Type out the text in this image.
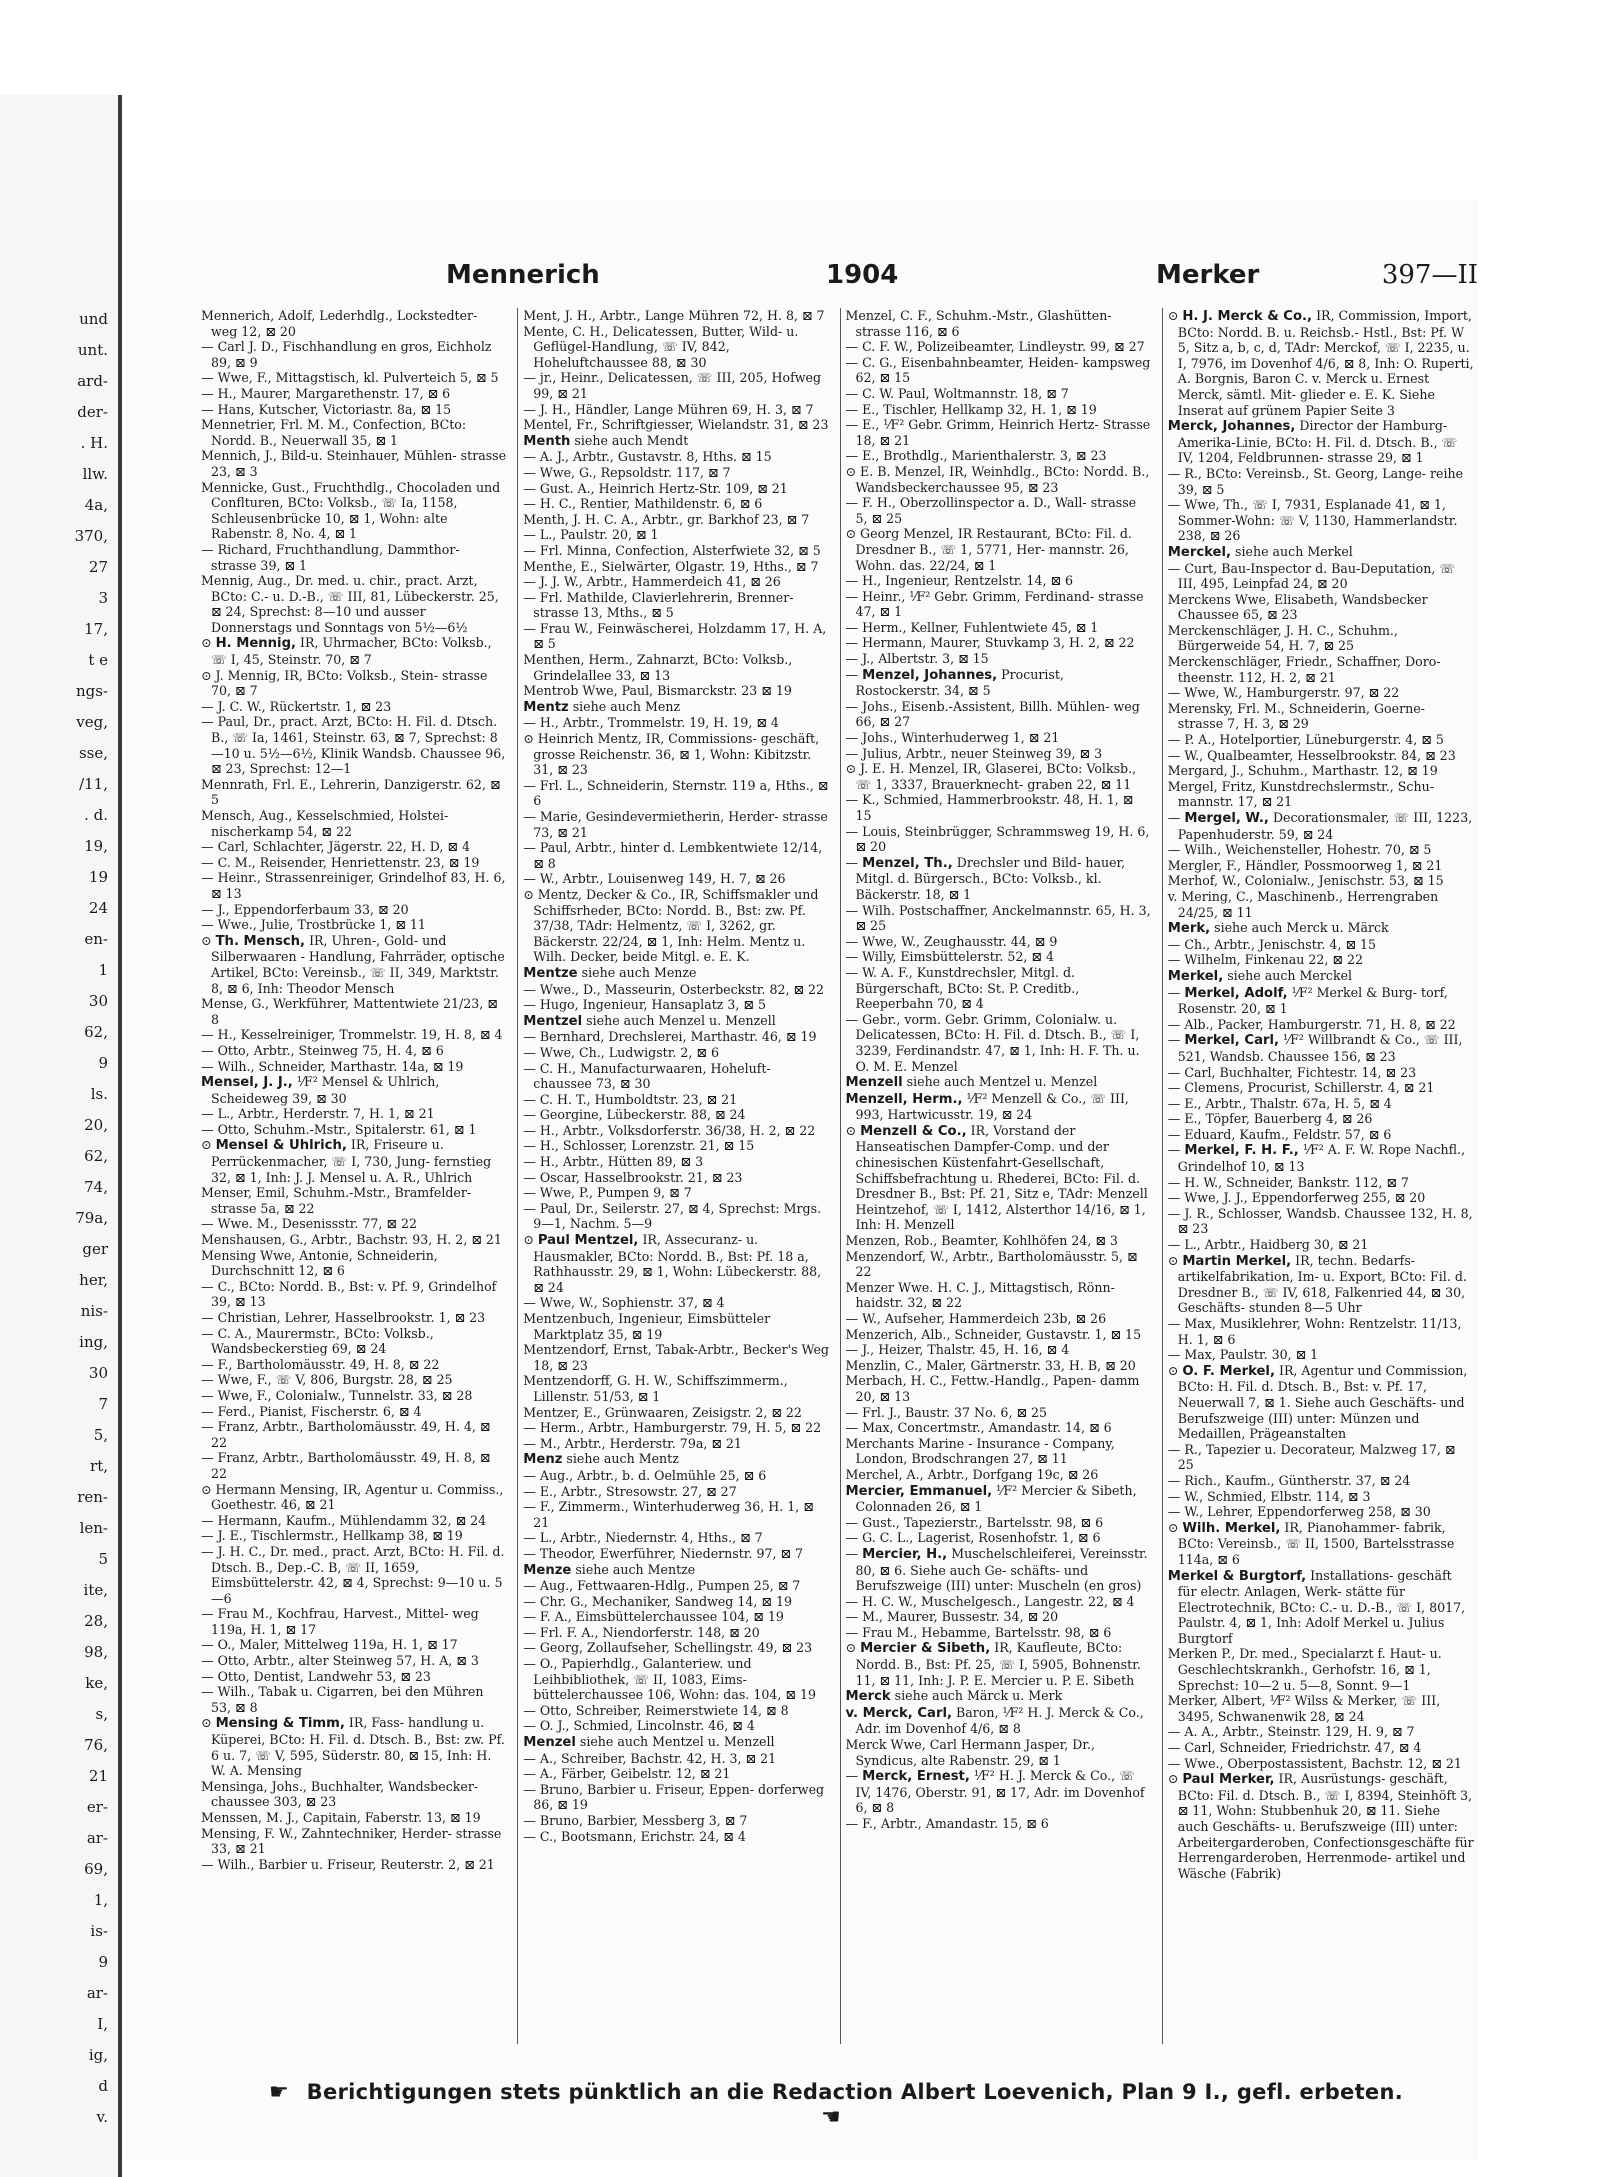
und
unt.
ard-
der-
. H.
llw.
4a,
370,
27
3
17,
t e
ngs-
veg,
sse,
/11,
. d.
19,
19
24
en-
1
30
62,
9
ls.
20,
62,
74,
79a,
ger
her,
nis-
ing,
30
7
5,
rt,
ren-
len-
5
ite,
28,
98,
ke,
s,
76,
21
er-
ar-
69,
1,
is-
9
ar-
I,
ig,
d
v.
Mennerich	1904	Merker	397—II

Mennerich, Adolf, Lederhdlg., Lockstedter- weg 12, ⊠ 20

— Carl J. D., Fischhandlung en gros, Eichholz 89, ⊠ 9

— Wwe, F., Mittagstisch, kl. Pulverteich 5, ⊠ 5

— H., Maurer, Margarethenstr. 17, ⊠ 6

— Hans, Kutscher, Victoriastr. 8a, ⊠ 15

Mennetrier, Frl. M. M., Confection, BCto: Nordd. B., Neuerwall 35, ⊠ 1

Mennich, J., Bild-u. Steinhauer, Mühlen- strasse 23, ⊠ 3

Mennicke, Gust., Fruchthdlg., Chocoladen und Conflturen, BCto: Volksb., ☏ Ia, 1158, Schleusenbrücke 10, ⊠ 1, Wohn: alte Rabenstr. 8, No. 4, ⊠ 1

— Richard, Fruchthandlung, Dammthor- strasse 39, ⊠ 1

Mennig, Aug., Dr. med. u. chir., pract. Arzt, BCto: C.- u. D.-B., ☏ III, 81, Lübeckerstr. 25, ⊠ 24, Sprechst: 8—10 und ausser Donnerstags und Sonntags von 5½—6½

⊙ H. Mennig, IR, Uhrmacher, BCto: Volksb., ☏ I, 45, Steinstr. 70, ⊠ 7

⊙ J. Mennig, IR, BCto: Volksb., Stein- strasse 70, ⊠ 7

— J. C. W., Rückertstr. 1, ⊠ 23

— Paul, Dr., pract. Arzt, BCto: H. Fil. d. Dtsch. B., ☏ Ia, 1461, Steinstr. 63, ⊠ 7, Sprechst: 8—10 u. 5½—6½, Klinik Wandsb. Chaussee 96, ⊠ 23, Sprechst: 12—1

Mennrath, Frl. E., Lehrerin, Danzigerstr. 62, ⊠ 5

Mensch, Aug., Kesselschmied, Holstei- nischerkamp 54, ⊠ 22

— Carl, Schlachter, Jägerstr. 22, H. D, ⊠ 4

— C. M., Reisender, Henriettenstr. 23, ⊠ 19

— Heinr., Strassenreiniger, Grindelhof 83, H. 6, ⊠ 13

— J., Eppendorferbaum 33, ⊠ 20

— Wwe., Julie, Trostbrücke 1, ⊠ 11

⊙ Th. Mensch, IR, Uhren-, Gold- und Silberwaaren - Handlung, Fahrräder, optische Artikel, BCto: Vereinsb., ☏ II, 349, Marktstr. 8, ⊠ 6, Inh: Theodor Mensch

Mense, G., Werkführer, Mattentwiete 21/23, ⊠ 8

— H., Kesselreiniger, Trommelstr. 19, H. 8, ⊠ 4

— Otto, Arbtr., Steinweg 75, H. 4, ⊠ 6

— Wilh., Schneider, Marthastr. 14a, ⊠ 19

Mensel, J. J., ⅟F² Mensel & Uhlrich, Scheideweg 39, ⊠ 30

— L., Arbtr., Herderstr. 7, H. 1, ⊠ 21

— Otto, Schuhm.-Mstr., Spitalerstr. 61, ⊠ 1

⊙ Mensel & Uhlrich, IR, Friseure u. Perrückenmacher, ☏ I, 730, Jung- fernstieg 32, ⊠ 1, Inh: J. J. Mensel u. A. R., Uhlrich

Menser, Emil, Schuhm.-Mstr., Bramfelder- strasse 5a, ⊠ 22

— Wwe. M., Desenissstr. 77, ⊠ 22

Menshausen, G., Arbtr., Bachstr. 93, H. 2, ⊠ 21

Mensing Wwe, Antonie, Schneiderin, Durchschnitt 12, ⊠ 6

— C., BCto: Nordd. B., Bst: v. Pf. 9, Grindelhof 39, ⊠ 13

— Christian, Lehrer, Hasselbrookstr. 1, ⊠ 23

— C. A., Maurermstr., BCto: Volksb., Wandsbeckerstieg 69, ⊠ 24

— F., Bartholomäusstr. 49, H. 8, ⊠ 22

— Wwe, F., ☏ V, 806, Burgstr. 28, ⊠ 25

— Wwe, F., Colonialw., Tunnelstr. 33, ⊠ 28

— Ferd., Pianist, Fischerstr. 6, ⊠ 4

— Franz, Arbtr., Bartholomäusstr. 49, H. 4, ⊠ 22

— Franz, Arbtr., Bartholomäusstr. 49, H. 8, ⊠ 22

⊙ Hermann Mensing, IR, Agentur u. Commiss., Goethestr. 46, ⊠ 21

— Hermann, Kaufm., Mühlendamm 32, ⊠ 24

— J. E., Tischlermstr., Hellkamp 38, ⊠ 19

— J. H. C., Dr. med., pract. Arzt, BCto: H. Fil. d. Dtsch. B., Dep.-C. B, ☏ II, 1659, Eimsbüttelerstr. 42, ⊠ 4, Sprechst: 9—10 u. 5—6

— Frau M., Kochfrau, Harvest., Mittel- weg 119a, H. 1, ⊠ 17

— O., Maler, Mittelweg 119a, H. 1, ⊠ 17

— Otto, Arbtr., alter Steinweg 57, H. A, ⊠ 3

— Otto, Dentist, Landwehr 53, ⊠ 23

— Wilh., Tabak u. Cigarren, bei den Mühren 53, ⊠ 8

⊙ Mensing & Timm, IR, Fass- handlung u. Küperei, BCto: H. Fil. d. Dtsch. B., Bst: zw. Pf. 6 u. 7, ☏ V, 595, Süderstr. 80, ⊠ 15, Inh: H. W. A. Mensing

Mensinga, Johs., Buchhalter, Wandsbecker- chaussee 303, ⊠ 23

Menssen, M. J., Capitain, Faberstr. 13, ⊠ 19

Mensing, F. W., Zahntechniker, Herder- strasse 33, ⊠ 21

— Wilh., Barbier u. Friseur, Reuterstr. 2, ⊠ 21

Ment, J. H., Arbtr., Lange Mühren 72, H. 8, ⊠ 7

Mente, C. H., Delicatessen, Butter, Wild- u. Geflügel-Handlung, ☏ IV, 842, Hoheluftchaussee 88, ⊠ 30

— jr., Heinr., Delicatessen, ☏ III, 205, Hofweg 99, ⊠ 21

— J. H., Händler, Lange Mühren 69, H. 3, ⊠ 7

Mentel, Fr., Schriftgiesser, Wielandstr. 31, ⊠ 23

Menth siehe auch Mendt

— A. J., Arbtr., Gustavstr. 8, Hths. ⊠ 15

— Wwe, G., Repsoldstr. 117, ⊠ 7

— Gust. A., Heinrich Hertz-Str. 109, ⊠ 21

— H. C., Rentier, Mathildenstr. 6, ⊠ 6

Menth, J. H. C. A., Arbtr., gr. Barkhof 23, ⊠ 7

— L., Paulstr. 20, ⊠ 1

— Frl. Minna, Confection, Alsterfwiete 32, ⊠ 5

Menthe, E., Sielwärter, Olgastr. 19, Hths., ⊠ 7

— J. J. W., Arbtr., Hammerdeich 41, ⊠ 26

— Frl. Mathilde, Clavierlehrerin, Brenner- strasse 13, Mths., ⊠ 5

— Frau W., Feinwäscherei, Holzdamm 17, H. A, ⊠ 5

Menthen, Herm., Zahnarzt, BCto: Volksb., Grindelallee 33, ⊠ 13

Mentrob Wwe, Paul, Bismarckstr. 23 ⊠ 19

Mentz siehe auch Menz

— H., Arbtr., Trommelstr. 19, H. 19, ⊠ 4

⊙ Heinrich Mentz, IR, Commissions- geschäft, grosse Reichenstr. 36, ⊠ 1, Wohn: Kibitzstr. 31, ⊠ 23

— Frl. L., Schneiderin, Sternstr. 119 a, Hths., ⊠ 6

— Marie, Gesindevermietherin, Herder- strasse 73, ⊠ 21

— Paul, Arbtr., hinter d. Lembkentwiete 12/14, ⊠ 8

— W., Arbtr., Louisenweg 149, H. 7, ⊠ 26

⊙ Mentz, Decker & Co., IR, Schiffsmakler und Schiffsrheder, BCto: Nordd. B., Bst: zw. Pf. 37/38, TAdr: Helmentz, ☏ I, 3262, gr. Bäckerstr. 22/24, ⊠ 1, Inh: Helm. Mentz u. Wilh. Decker, beide Mitgl. e. E. K.

Mentze siehe auch Menze

— Wwe., D., Masseurin, Osterbeckstr. 82, ⊠ 22

— Hugo, Ingenieur, Hansaplatz 3, ⊠ 5

Mentzel siehe auch Menzel u. Menzell

— Bernhard, Drechslerei, Marthastr. 46, ⊠ 19

— Wwe, Ch., Ludwigstr. 2, ⊠ 6

— C. H., Manufacturwaaren, Hoheluft- chaussee 73, ⊠ 30

— C. H. T., Humboldtstr. 23, ⊠ 21

— Georgine, Lübeckerstr. 88, ⊠ 24

— H., Arbtr., Volksdorferstr. 36/38, H. 2, ⊠ 22

— H., Schlosser, Lorenzstr. 21, ⊠ 15

— H., Arbtr., Hütten 89, ⊠ 3

— Oscar, Hasselbrookstr. 21, ⊠ 23

— Wwe, P., Pumpen 9, ⊠ 7

— Paul, Dr., Seilerstr. 27, ⊠ 4, Sprechst: Mrgs. 9—1, Nachm. 5—9

⊙ Paul Mentzel, IR, Assecuranz- u. Hausmakler, BCto: Nordd. B., Bst: Pf. 18 a, Rathhausstr. 29, ⊠ 1, Wohn: Lübeckerstr. 88, ⊠ 24

— Wwe, W., Sophienstr. 37, ⊠ 4

Mentzenbuch, Ingenieur, Eimsbütteler Marktplatz 35, ⊠ 19

Mentzendorf, Ernst, Tabak-Arbtr., Becker's Weg 18, ⊠ 23

Mentzendorff, G. H. W., Schiffszimmerm., Lillenstr. 51/53, ⊠ 1

Mentzer, E., Grünwaaren, Zeisigstr. 2, ⊠ 22

— Herm., Arbtr., Hamburgerstr. 79, H. 5, ⊠ 22

— M., Arbtr., Herderstr. 79a, ⊠ 21

Menz siehe auch Mentz

— Aug., Arbtr., b. d. Oelmühle 25, ⊠ 6

— E., Arbtr., Stresowstr. 27, ⊠ 27

— F., Zimmerm., Winterhuderweg 36, H. 1, ⊠ 21

— L., Arbtr., Niedernstr. 4, Hths., ⊠ 7

— Theodor, Ewerführer, Niedernstr. 97, ⊠ 7

Menze siehe auch Mentze

— Aug., Fettwaaren-Hdlg., Pumpen 25, ⊠ 7

— Chr. G., Mechaniker, Sandweg 14, ⊠ 19

— F. A., Eimsbüttelerchaussee 104, ⊠ 19

— Frl. F. A., Niendorferstr. 148, ⊠ 20

— Georg, Zollaufseher, Schellingstr. 49, ⊠ 23

— O., Papierhdlg., Galanteriew. und Leihbibliothek, ☏ II, 1083, Eims- büttelerchaussee 106, Wohn: das. 104, ⊠ 19

— Otto, Schreiber, Reimerstwiete 14, ⊠ 8

— O. J., Schmied, Lincolnstr. 46, ⊠ 4

Menzel siehe auch Mentzel u. Menzell

— A., Schreiber, Bachstr. 42, H. 3, ⊠ 21

— A., Färber, Geibelstr. 12, ⊠ 21

— Bruno, Barbier u. Friseur, Eppen- dorferweg 86, ⊠ 19

— Bruno, Barbier, Messberg 3, ⊠ 7

— C., Bootsmann, Erichstr. 24, ⊠ 4

Menzel, C. F., Schuhm.-Mstr., Glashütten- strasse 116, ⊠ 6

— C. F. W., Polizeibeamter, Lindleystr. 99, ⊠ 27

— C. G., Eisenbahnbeamter, Heiden- kampsweg 62, ⊠ 15

— C. W. Paul, Woltmannstr. 18, ⊠ 7

— E., Tischler, Hellkamp 32, H. 1, ⊠ 19

— E., ⅟F² Gebr. Grimm, Heinrich Hertz- Strasse 18, ⊠ 21

— E., Brothdlg., Marienthalerstr. 3, ⊠ 23

⊙ E. B. Menzel, IR, Weinhdlg., BCto: Nordd. B., Wandsbeckerchaussee 95, ⊠ 23

— F. H., Oberzollinspector a. D., Wall- strasse 5, ⊠ 25

⊙ Georg Menzel, IR Restaurant, BCto: Fil. d. Dresdner B., ☏ 1, 5771, Her- mannstr. 26, Wohn. das. 22/24, ⊠ 1

— H., Ingenieur, Rentzelstr. 14, ⊠ 6

— Heinr., ⅟F² Gebr. Grimm, Ferdinand- strasse 47, ⊠ 1

— Herm., Kellner, Fuhlentwiete 45, ⊠ 1

— Hermann, Maurer, Stuvkamp 3, H. 2, ⊠ 22

— J., Albertstr. 3, ⊠ 15

— Menzel, Johannes, Procurist, Rostockerstr. 34, ⊠ 5

— Johs., Eisenb.-Assistent, Billh. Mühlen- weg 66, ⊠ 27

— Johs., Winterhuderweg 1, ⊠ 21

— Julius, Arbtr., neuer Steinweg 39, ⊠ 3

⊙ J. E. H. Menzel, IR, Glaserei, BCto: Volksb., ☏ 1, 3337, Brauerknecht- graben 22, ⊠ 11

— K., Schmied, Hammerbrookstr. 48, H. 1, ⊠ 15

— Louis, Steinbrügger, Schrammsweg 19, H. 6, ⊠ 20

— Menzel, Th., Drechsler und Bild- hauer, Mitgl. d. Bürgersch., BCto: Volksb., kl. Bäckerstr. 18, ⊠ 1

— Wilh. Postschaffner, Anckelmannstr. 65, H. 3, ⊠ 25

— Wwe, W., Zeughausstr. 44, ⊠ 9

— Willy, Eimsbüttelerstr. 52, ⊠ 4

— W. A. F., Kunstdrechsler, Mitgl. d. Bürgerschaft, BCto: St. P. Creditb., Reeperbahn 70, ⊠ 4

— Gebr., vorm. Gebr. Grimm, Colonialw. u. Delicatessen, BCto: H. Fil. d. Dtsch. B., ☏ I, 3239, Ferdinandstr. 47, ⊠ 1, Inh: H. F. Th. u. O. M. E. Menzel

Menzell siehe auch Mentzel u. Menzel

Menzell, Herm., ⅟F² Menzell & Co., ☏ III, 993, Hartwicusstr. 19, ⊠ 24

⊙ Menzell & Co., IR, Vorstand der Hanseatischen Dampfer-Comp. und der chinesischen Küstenfahrt-Gesellschaft, Schiffsbefrachtung u. Rhederei, BCto: Fil. d. Dresdner B., Bst: Pf. 21, Sitz e, TAdr: Menzell Heintzehof, ☏ I, 1412, Alsterthor 14/16, ⊠ 1, Inh: H. Menzell

Menzen, Rob., Beamter, Kohlhöfen 24, ⊠ 3

Menzendorf, W., Arbtr., Bartholomäusstr. 5, ⊠ 22

Menzer Wwe. H. C. J., Mittagstisch, Rönn- haidstr. 32, ⊠ 22

— W., Aufseher, Hammerdeich 23b, ⊠ 26

Menzerich, Alb., Schneider, Gustavstr. 1, ⊠ 15

— J., Heizer, Thalstr. 45, H. 16, ⊠ 4

Menzlin, C., Maler, Gärtnerstr. 33, H. B, ⊠ 20

Merbach, H. C., Fettw.-Handlg., Papen- damm 20, ⊠ 13

— Frl. J., Baustr. 37 No. 6, ⊠ 25

— Max, Concertmstr., Amandastr. 14, ⊠ 6

Merchants Marine - Insurance - Company, London, Brodschrangen 27, ⊠ 11

Merchel, A., Arbtr., Dorfgang 19c, ⊠ 26

Mercier, Emmanuel, ⅟F² Mercier & Sibeth, Colonnaden 26, ⊠ 1

— Gust., Tapezierstr., Bartelsstr. 98, ⊠ 6

— G. C. L., Lagerist, Rosenhofstr. 1, ⊠ 6

— Mercier, H., Muschelschleiferei, Vereinsstr. 80, ⊠ 6. Siehe auch Ge- schäfts- und Berufszweige (III) unter: Muscheln (en gros)

— H. C. W., Muschelgesch., Langestr. 22, ⊠ 4

— M., Maurer, Bussestr. 34, ⊠ 20

— Frau M., Hebamme, Bartelsstr. 98, ⊠ 6

⊙ Mercier & Sibeth, IR, Kaufleute, BCto: Nordd. B., Bst: Pf. 25, ☏ I, 5905, Bohnenstr. 11, ⊠ 11, Inh: J. P. E. Mercier u. P. E. Sibeth

Merck siehe auch Märck u. Merk

v. Merck, Carl, Baron, ⅟F² H. J. Merck & Co., Adr. im Dovenhof 4/6, ⊠ 8

Merck Wwe, Carl Hermann Jasper, Dr., Syndicus, alte Rabenstr. 29, ⊠ 1

— Merck, Ernest, ⅟F² H. J. Merck & Co., ☏ IV, 1476, Oberstr. 91, ⊠ 17, Adr. im Dovenhof 6, ⊠ 8

— F., Arbtr., Amandastr. 15, ⊠ 6

⊙ H. J. Merck & Co., IR, Commission, Import, BCto: Nordd. B. u. Reichsb.- Hstl., Bst: Pf. W 5, Sitz a, b, c, d, TAdr: Merckof, ☏ I, 2235, u. I, 7976, im Dovenhof 4/6, ⊠ 8, Inh: O. Ruperti, A. Borgnis, Baron C. v. Merck u. Ernest Merck, sämtl. Mit- glieder e. E. K. Siehe Inserat auf grünem Papier Seite 3

Merck, Johannes, Director der Hamburg-Amerika-Linie, BCto: H. Fil. d. Dtsch. B., ☏ IV, 1204, Feldbrunnen- strasse 29, ⊠ 1

— R., BCto: Vereinsb., St. Georg, Lange- reihe 39, ⊠ 5

— Wwe, Th., ☏ I, 7931, Esplanade 41, ⊠ 1, Sommer-Wohn: ☏ V, 1130, Hammerlandstr. 238, ⊠ 26

Merckel, siehe auch Merkel

— Curt, Bau-Inspector d. Bau-Deputation, ☏ III, 495, Leinpfad 24, ⊠ 20

Merckens Wwe, Elisabeth, Wandsbecker Chaussee 65, ⊠ 23

Merckenschläger, J. H. C., Schuhm., Bürgerweide 54, H. 7, ⊠ 25

Merckenschläger, Friedr., Schaffner, Doro- theenstr. 112, H. 2, ⊠ 21

— Wwe, W., Hamburgerstr. 97, ⊠ 22

Merensky, Frl. M., Schneiderin, Goerne- strasse 7, H. 3, ⊠ 29

— P. A., Hotelportier, Lüneburgerstr. 4, ⊠ 5

— W., Qualbeamter, Hesselbrookstr. 84, ⊠ 23

Mergard, J., Schuhm., Marthastr. 12, ⊠ 19

Mergel, Fritz, Kunstdrechslermstr., Schu- mannstr. 17, ⊠ 21

— Mergel, W., Decorationsmaler, ☏ III, 1223, Papenhuderstr. 59, ⊠ 24

— Wilh., Weichensteller, Hohestr. 70, ⊠ 5

Mergler, F., Händler, Possmoorweg 1, ⊠ 21

Merhof, W., Colonialw., Jenischstr. 53, ⊠ 15

v. Mering, C., Maschinenb., Herrengraben 24/25, ⊠ 11

Merk, siehe auch Merck u. Märck

— Ch., Arbtr., Jenischstr. 4, ⊠ 15

— Wilhelm, Finkenau 22, ⊠ 22

Merkel, siehe auch Merckel

— Merkel, Adolf, ⅟F² Merkel & Burg- torf, Rosenstr. 20, ⊠ 1

— Alb., Packer, Hamburgerstr. 71, H. 8, ⊠ 22

— Merkel, Carl, ⅟F² Willbrandt & Co., ☏ III, 521, Wandsb. Chaussee 156, ⊠ 23

— Carl, Buchhalter, Fichtestr. 14, ⊠ 23

— Clemens, Procurist, Schillerstr. 4, ⊠ 21

— E., Arbtr., Thalstr. 67a, H. 5, ⊠ 4

— E., Töpfer, Bauerberg 4, ⊠ 26

— Eduard, Kaufm., Feldstr. 57, ⊠ 6

— Merkel, F. H. F., ⅟F² A. F. W. Rope Nachfl., Grindelhof 10, ⊠ 13

— H. W., Schneider, Bankstr. 112, ⊠ 7

— Wwe, J. J., Eppendorferweg 255, ⊠ 20

— J. R., Schlosser, Wandsb. Chaussee 132, H. 8, ⊠ 23

— L., Arbtr., Haidberg 30, ⊠ 21

⊙ Martin Merkel, IR, techn. Bedarfs- artikelfabrikation, Im- u. Export, BCto: Fil. d. Dresdner B., ☏ IV, 618, Falkenried 44, ⊠ 30, Geschäfts- stunden 8—5 Uhr

— Max, Musiklehrer, Wohn: Rentzelstr. 11/13, H. 1, ⊠ 6

— Max, Paulstr. 30, ⊠ 1

⊙ O. F. Merkel, IR, Agentur und Commission, BCto: H. Fil. d. Dtsch. B., Bst: v. Pf. 17, Neuerwall 7, ⊠ 1. Siehe auch Geschäfts- und Berufszweige (III) unter: Münzen und Medaillen, Prägeanstalten

— R., Tapezier u. Decorateur, Malzweg 17, ⊠ 25

— Rich., Kaufm., Güntherstr. 37, ⊠ 24

— W., Schmied, Elbstr. 114, ⊠ 3

— W., Lehrer, Eppendorferweg 258, ⊠ 30

⊙ Wilh. Merkel, IR, Pianohammer- fabrik, BCto: Vereinsb., ☏ II, 1500, Bartelsstrasse 114a, ⊠ 6

Merkel & Burgtorf, Installations- geschäft für electr. Anlagen, Werk- stätte für Electrotechnik, BCto: C.- u. D.-B., ☏ I, 8017, Paulstr. 4, ⊠ 1, Inh: Adolf Merkel u. Julius Burgtorf

Merken P., Dr. med., Specialarzt f. Haut- u. Geschlechtskrankh., Gerhofstr. 16, ⊠ 1, Sprechst: 10—2 u. 5—8, Sonnt. 9—1

Merker, Albert, ⅟F² Wilss & Merker, ☏ III, 3495, Schwanenwik 28, ⊠ 24

— A. A., Arbtr., Steinstr. 129, H. 9, ⊠ 7

— Carl, Schneider, Friedrichstr. 47, ⊠ 4

— Wwe., Oberpostassistent, Bachstr. 12, ⊠ 21

⊙ Paul Merker, IR, Ausrüstungs- geschäft, BCto: Fil. d. Dtsch. B., ☏ I, 8394, Steinhöft 3, ⊠ 11, Wohn: Stubbenhuk 20, ⊠ 11. Siehe auch Geschäfts- u. Berufszweige (III) unter: Arbeitergarderoben, Confectionsgeschäfte für Herrengarderoben, Herrenmode- artikel und Wäsche (Fabrik)

☛ Berichtigungen stets pünktlich an die Redaction Albert Loevenich, Plan 9 I., gefl. erbeten. ☚
